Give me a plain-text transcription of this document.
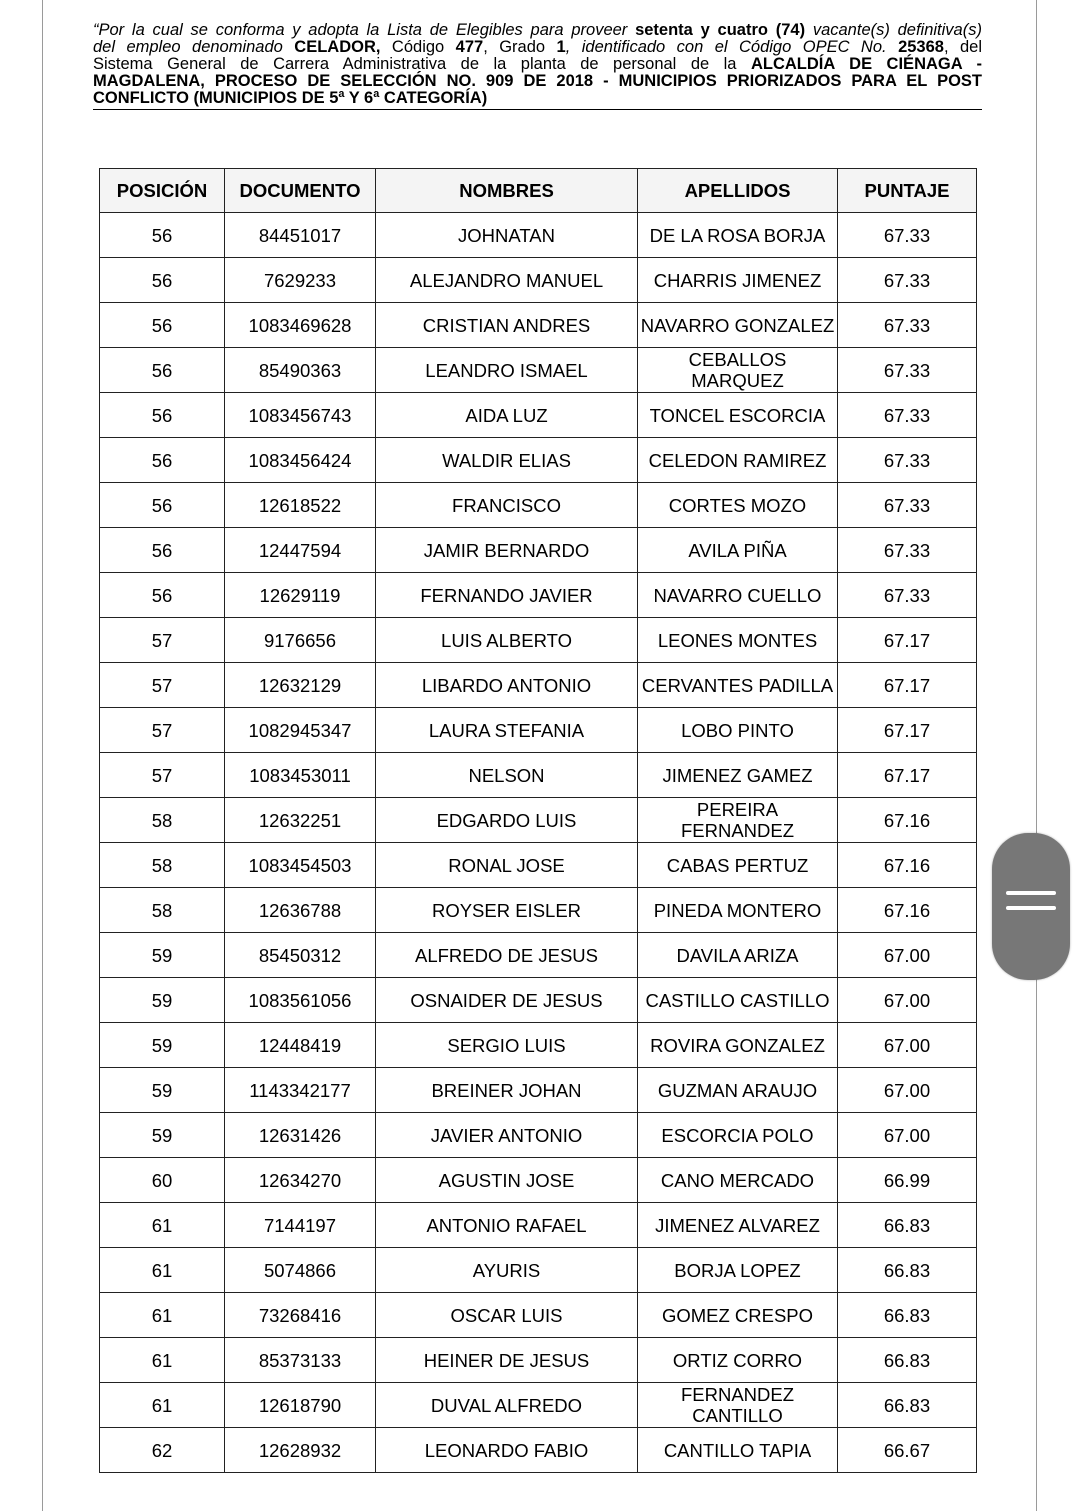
“Por la cual se conforma y adopta la Lista de Elegibles para proveer setenta y cuatro (74) vacante(s) definitiva(s)
del empleo denominado CELADOR, Código 477, Grado 1, identificado con el Código OPEC No. 25368, del
Sistema General de Carrera Administrativa de la planta de personal de la ALCALDÍA DE CIÉNAGA -
MAGDALENA, PROCESO DE SELECCIÓN NO. 909 DE 2018 - MUNICIPIOS PRIORIZADOS PARA EL POST
CONFLICTO (MUNICIPIOS DE 5ª Y 6ª CATEGORÍA)
POSICIÓN	DOCUMENTO	NOMBRES	APELLIDOS	PUNTAJE
56	84451017	JOHNATAN	DE LA ROSA BORJA	67.33
56	7629233	ALEJANDRO MANUEL	CHARRIS JIMENEZ	67.33
56	1083469628	CRISTIAN ANDRES	NAVARRO GONZALEZ	67.33
56	85490363	LEANDRO ISMAEL	CEBALLOS MARQUEZ	67.33
56	1083456743	AIDA LUZ	TONCEL ESCORCIA	67.33
56	1083456424	WALDIR ELIAS	CELEDON RAMIREZ	67.33
56	12618522	FRANCISCO	CORTES MOZO	67.33
56	12447594	JAMIR BERNARDO	AVILA PIÑA	67.33
56	12629119	FERNANDO JAVIER	NAVARRO CUELLO	67.33
57	9176656	LUIS ALBERTO	LEONES MONTES	67.17
57	12632129	LIBARDO ANTONIO	CERVANTES PADILLA	67.17
57	1082945347	LAURA STEFANIA	LOBO PINTO	67.17
57	1083453011	NELSON	JIMENEZ GAMEZ	67.17
58	12632251	EDGARDO LUIS	PEREIRA FERNANDEZ	67.16
58	1083454503	RONAL JOSE	CABAS PERTUZ	67.16
58	12636788	ROYSER EISLER	PINEDA MONTERO	67.16
59	85450312	ALFREDO DE JESUS	DAVILA ARIZA	67.00
59	1083561056	OSNAIDER DE JESUS	CASTILLO CASTILLO	67.00
59	12448419	SERGIO LUIS	ROVIRA GONZALEZ	67.00
59	1143342177	BREINER JOHAN	GUZMAN ARAUJO	67.00
59	12631426	JAVIER ANTONIO	ESCORCIA POLO	67.00
60	12634270	AGUSTIN JOSE	CANO MERCADO	66.99
61	7144197	ANTONIO RAFAEL	JIMENEZ ALVAREZ	66.83
61	5074866	AYURIS	BORJA LOPEZ	66.83
61	73268416	OSCAR LUIS	GOMEZ CRESPO	66.83
61	85373133	HEINER DE JESUS	ORTIZ CORRO	66.83
61	12618790	DUVAL ALFREDO	FERNANDEZ CANTILLO	66.83
62	12628932	LEONARDO FABIO	CANTILLO TAPIA	66.67
